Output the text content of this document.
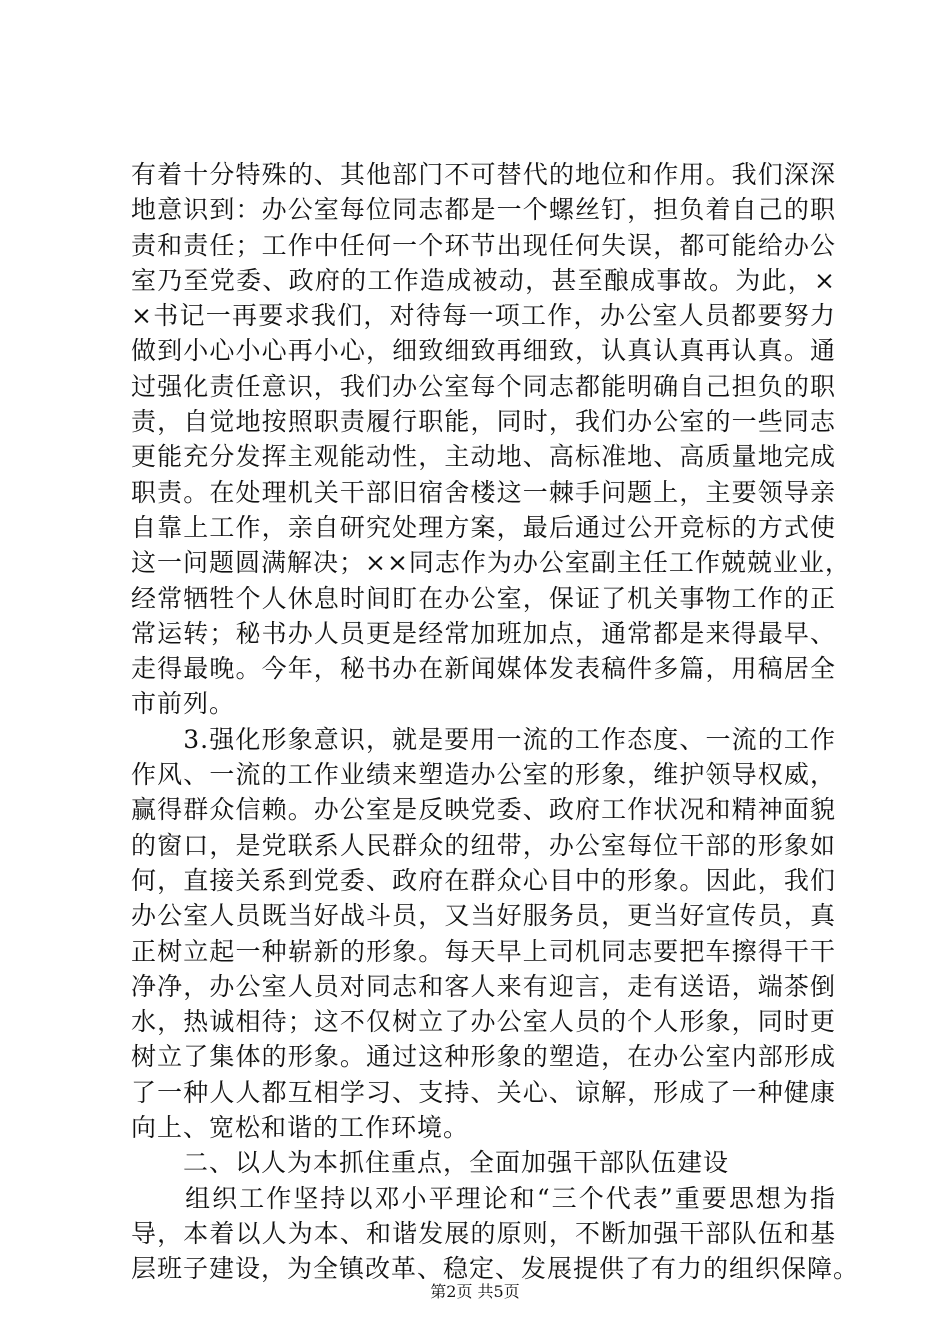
有着十分特殊的、其他部门不可替代的地位和作用。我们深深
地意识到：办公室每位同志都是一个螺丝钉，担负着自己的职
责和责任；工作中任何一个环节出现任何失误，都可能给办公
室乃至党委、政府的工作造成被动，甚至酿成事故。为此，×
×书记一再要求我们，对待每一项工作，办公室人员都要努力
做到小心小心再小心，细致细致再细致，认真认真再认真。通
过强化责任意识，我们办公室每个同志都能明确自己担负的职
责，自觉地按照职责履行职能，同时，我们办公室的一些同志
更能充分发挥主观能动性，主动地、高标准地、高质量地完成
职责。在处理机关干部旧宿舍楼这一棘手问题上，主要领导亲
自靠上工作，亲自研究处理方案，最后通过公开竞标的方式使
这一问题圆满解决；××同志作为办公室副主任工作兢兢业业，
经常牺牲个人休息时间盯在办公室，保证了机关事物工作的正
常运转；秘书办人员更是经常加班加点，通常都是来得最早、
走得最晚。今年，秘书办在新闻媒体发表稿件多篇，用稿居全
市前列。
　　3.强化形象意识，就是要用一流的工作态度、一流的工作
作风、一流的工作业绩来塑造办公室的形象，维护领导权威，
赢得群众信赖。办公室是反映党委、政府工作状况和精神面貌
的窗口，是党联系人民群众的纽带，办公室每位干部的形象如
何，直接关系到党委、政府在群众心目中的形象。因此，我们
办公室人员既当好战斗员，又当好服务员，更当好宣传员，真
正树立起一种崭新的形象。每天早上司机同志要把车擦得干干
净净，办公室人员对同志和客人来有迎言，走有送语，端茶倒
水，热诚相待；这不仅树立了办公室人员的个人形象，同时更
树立了集体的形象。通过这种形象的塑造，在办公室内部形成
了一种人人都互相学习、支持、关心、谅解，形成了一种健康
向上、宽松和谐的工作环境。
　　二、以人为本抓住重点，全面加强干部队伍建设
　　组织工作坚持以邓小平理论和“三个代表”重要思想为指
导，本着以人为本、和谐发展的原则，不断加强干部队伍和基
层班子建设，为全镇改革、稳定、发展提供了有力的组织保障。
第2页 共5页
